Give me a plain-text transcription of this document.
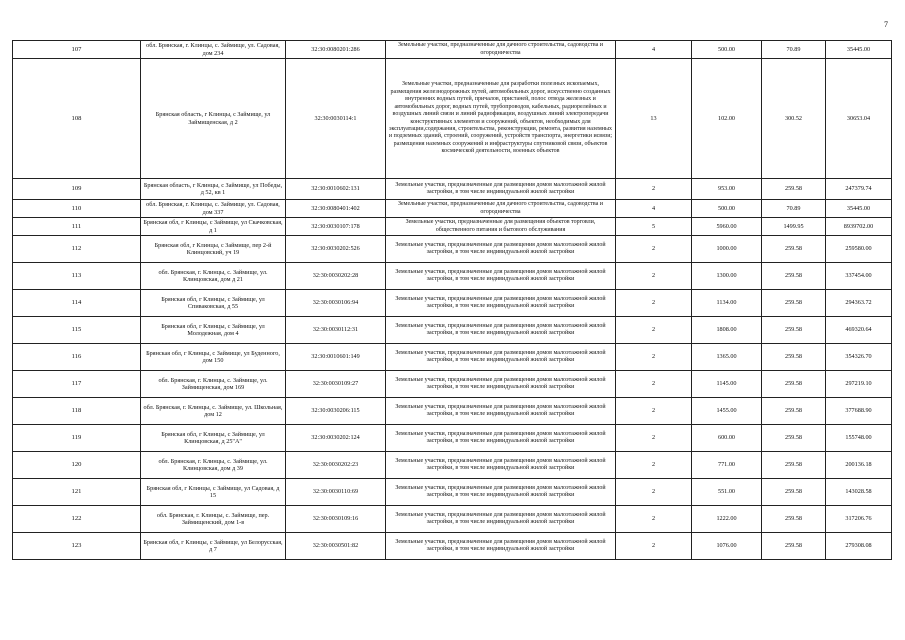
7
107	обл. Брянская, г. Клинцы, с. Займище, ул. Садовая, дом 234	32:30:0080201:286	Земельные участки, предназначенные для дачного строительства, садоводства и огородничества	4	500.00	70.89	35445.00
108	Брянская область, г Клинцы, с Займище, ул Займищенская, д 2	32:30:0030114:1	Земельные участки, предназначенные для разработки полезных ископаемых, размещения железнодорожных путей, автомобильных дорог, искусственно созданных внутренних водных путей, причалов, пристаней, полос отвода железных и автомобильных дорог, водных путей, трубопроводов, кабельных, радиорелейных и воздушных линий связи и линий радиофикации, воздушных линий электропередачи конструктивных элементов и сооружений, объектов, необходимых для эксплуатации,содержания, строительства, реконструкции, ремонта, развития наземных и подземных зданий, строений, сооружений, устройств транспорта, энергетики исвязи; размещения наземных сооружений и инфраструктуры спутниковой связи, объектов космической деятельности, военных объектов	13	102.00	300.52	30653.04
109	Брянская область, г Клинцы, с Займище, ул Победы, д 52, кв 1	32:30:0010602:131	Земельные участки, предназначенные для размещения домов малоэтажной жилой застройки, в том числе индивидуальной жилой застройки	2	953.00	259.58	247379.74
110	обл. Брянская, г. Клинцы, с. Займище, ул. Садовая, дом 337	32:30:0080401:402	Земельные участки, предназначенные для дачного строительства, садоводства и огородничества	4	500.00	70.89	35445.00
111	Брянская обл, г Клинцы, с Займище, ул Скачковская, д 1	32:30:0030107:178	Земельные участки, предназначенные для размещения объектов торговли, общественного питания и бытового обслуживания	5	5960.00	1499.95	8939702.00
112	Брянская обл, г Клинцы, с Займище, пер 2-й Клинцовский, уч 19	32:30:0030202:526	Земельные участки, предназначенные для размещения домов малоэтажной жилой застройки, в том числе индивидуальной жилой застройки	2	1000.00	259.58	259580.00
113	обл. Брянская, г. Клинцы, с. Займище, ул. Клинцовская, дом д 21	32:30:0030202:28	Земельные участки, предназначенные для размещения домов малоэтажной жилой застройки, в том числе индивидуальной жилой застройки	2	1300.00	259.58	337454.00
114	Брянская обл, г Клинцы, с Займище, ул Спиваковская, д 55	32:30:0030106:94	Земельные участки, предназначенные для размещения домов малоэтажной жилой застройки, в том числе индивидуальной жилой застройки	2	1134.00	259.58	294363.72
115	Брянская обл, г Клинцы, с Займище, ул Молодежная, дом 4	32:30:0030112:31	Земельные участки, предназначенные для размещения домов малоэтажной жилой застройки, в том числе индивидуальной жилой застройки	2	1808.00	259.58	469320.64
116	Брянская обл, г Клинцы, с Займище, ул Буденного, дом 150	32:30:0010601:149	Земельные участки, предназначенные для размещения домов малоэтажной жилой застройки, в том числе индивидуальной жилой застройки	2	1365.00	259.58	354326.70
117	обл. Брянская, г. Клинцы, с. Займище, ул. Займищенская, дом 169	32:30:0030109:27	Земельные участки, предназначенные для размещения домов малоэтажной жилой застройки, в том числе индивидуальной жилой застройки	2	1145.00	259.58	297219.10
118	обл. Брянская, г. Клинцы, с. Займище, ул. Школьная, дом 12	32:30:0030206:115	Земельные участки, предназначенные для размещения домов малоэтажной жилой застройки, в том числе индивидуальной жилой застройки	2	1455.00	259.58	377688.90
119	Брянская обл, г Клинцы, с Займище, ул Клинцовская, д 25"А"	32:30:0030202:124	Земельные участки, предназначенные для размещения домов малоэтажной жилой застройки, в том числе индивидуальной жилой застройки	2	600.00	259.58	155748.00
120	обл. Брянская, г. Клинцы, с. Займище, ул. Клинцовская, дом д 39	32:30:0030202:23	Земельные участки, предназначенные для размещения домов малоэтажной жилой застройки, в том числе индивидуальной жилой застройки	2	771.00	259.58	200136.18
121	Брянская обл, г Клинцы, с Займище, ул Садовая, д 15	32:30:0030110:69	Земельные участки, предназначенные для размещения домов малоэтажной жилой застройки, в том числе индивидуальной жилой застройки	2	551.00	259.58	143028.58
122	обл. Брянская, г. Клинцы, с. Займище, пер. Займищенский, дом 1-в	32:30:0030109:16	Земельные участки, предназначенные для размещения домов малоэтажной жилой застройки, в том числе индивидуальной жилой застройки	2	1222.00	259.58	317206.76
123	Брянская обл, г Клинцы, с Займище, ул Белорусская, д 7	32:30:0030501:82	Земельные участки, предназначенные для размещения домов малоэтажной жилой застройки, в том числе индивидуальной жилой застройки	2	1076.00	259.58	279308.08
